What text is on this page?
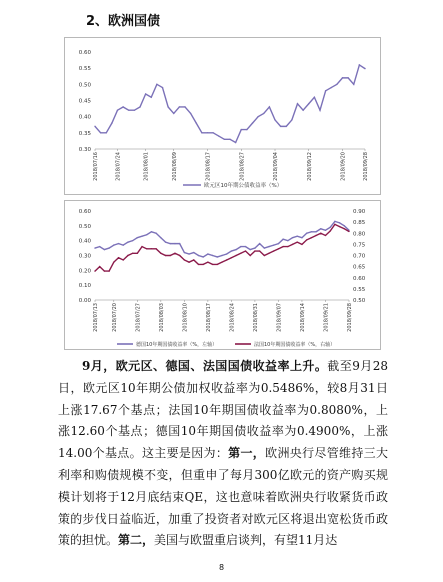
2、欧洲国债
0.60
0.55
0.50
0.45
0.40
0.35
0.30
2018/07/16	2018/07/24	2018/08/01	2018/08/09	2018/08/17	2018/08/27	2018/09/04	2018/09/12	2018/09/20	2018/09/28
欧元区10年期公债收益率（%）
0.60
0.50
0.40
0.30
0.20
0.10
0.00
0.90
0.85
0.80
0.75
0.70
0.65
0.60
0.55
0.50
2018/07/13	2018/07/20	2018/07/27	2018/08/03	2018/08/10	2018/08/17	2018/08/24	2018/08/31	2018/09/07	2018/09/14	2018/09/21	2018/09/28
德国10年期国债收益率（%，左轴）	法国10年期国债收益率（%，右轴）

9月，欧元区、德国、法国国债收益率上升。截至9月28日，欧元区10年期公债加权收益率为0.5486%，较8月31日上涨17.67个基点；法国10年期国债收益率为0.8080%，上涨12.60个基点；德国10年期国债收益率为0.4900%，上涨14.00个基点。这主要是因为：第一，欧洲央行尽管维持三大利率和购债规模不变，但重申了每月300亿欧元的资产购买规模计划将于12月底结束QE，这也意味着欧洲央行收紧货币政策的步伐日益临近，加重了投资者对欧元区将退出宽松货币政策的担忧。第二，美国与欧盟重启谈判，有望11月达

8
